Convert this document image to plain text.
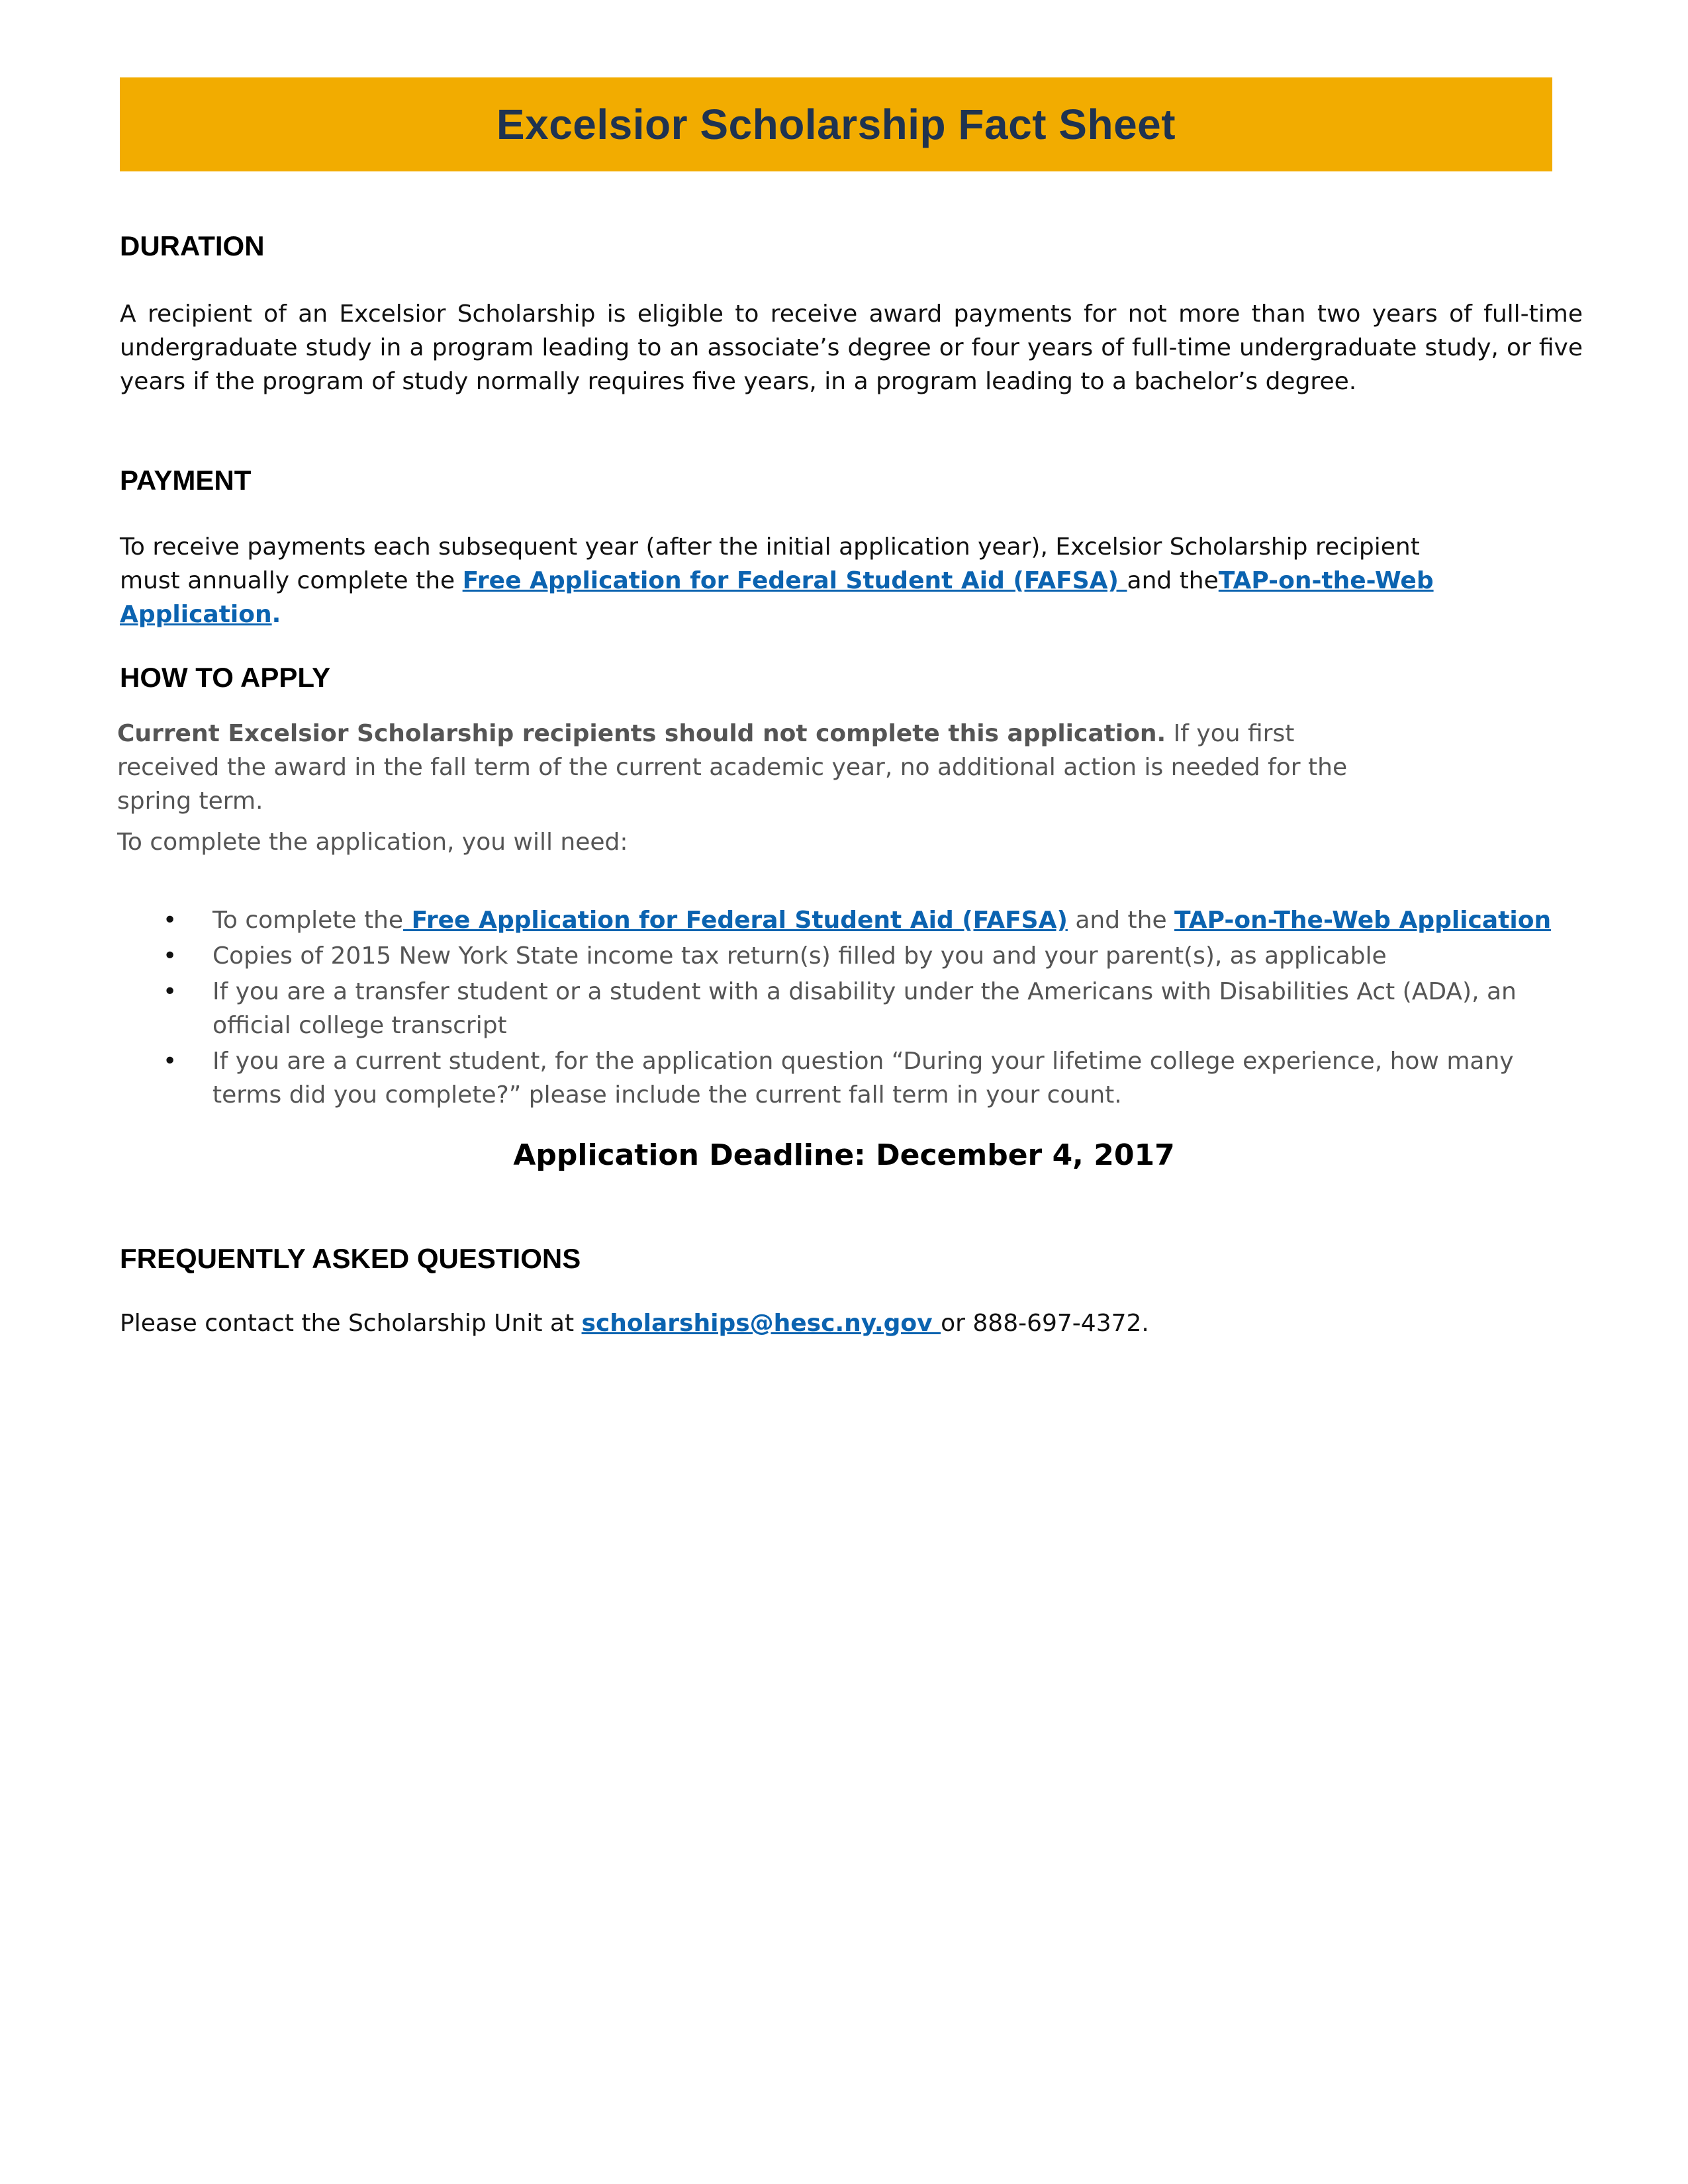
Excelsior Scholarship Fact Sheet
DURATION
A recipient of an Excelsior Scholarship is eligible to receive award payments for not more than two years of full-time undergraduate study in a program leading to an associate’s degree or four years of full-time undergraduate study, or five years if the program of study normally requires five years, in a program leading to a bachelor’s degree.
PAYMENT
To receive payments each subsequent year (after the initial application year), Excelsior Scholarship recipient must annually complete the Free Application for Federal Student Aid (FAFSA) and theTAP-on-the-Web Application.
HOW TO APPLY
Current Excelsior Scholarship recipients should not complete this application. If you first received the award in the fall term of the current academic year, no additional action is needed for the spring term.
To complete the application, you will need:
• To complete the Free Application for Federal Student Aid (FAFSA) and the TAP-on-The-Web Application
• Copies of 2015 New York State income tax return(s) filled by you and your parent(s), as applicable
• If you are a transfer student or a student with a disability under the Americans with Disabilities Act (ADA), an official college transcript
• If you are a current student, for the application question “During your lifetime college experience, how many terms did you complete?” please include the current fall term in your count.
Application Deadline: December 4, 2017
FREQUENTLY ASKED QUESTIONS
Please contact the Scholarship Unit at scholarships@hesc.ny.gov or 888-697-4372.
